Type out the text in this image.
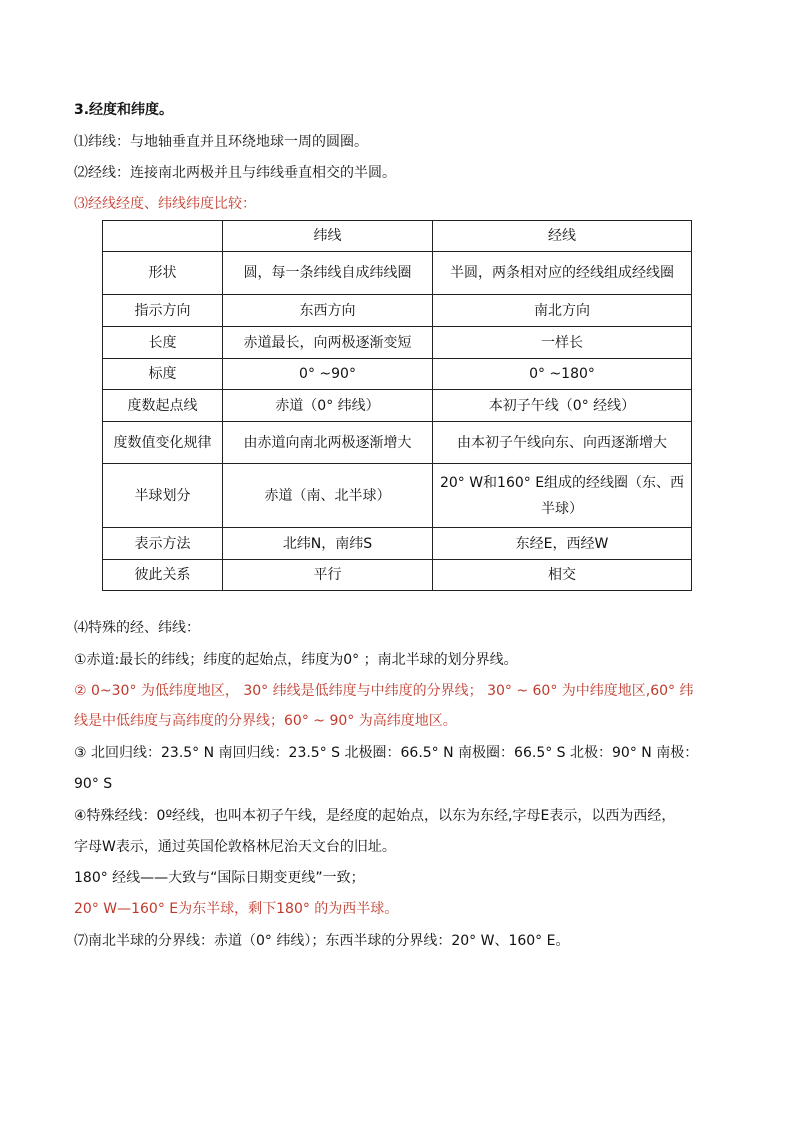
3.经度和纬度。
⑴纬线：与地轴垂直并且环绕地球一周的圆圈。
⑵经线：连接南北两极并且与纬线垂直相交的半圆。
⑶经线经度、纬线纬度比较：
	纬线	经线
形状	圆，每一条纬线自成纬线圈	半圆，两条相对应的经线组成经线圈
指示方向	东西方向	南北方向
长度	赤道最长，向两极逐渐变短	一样长
标度	0° ~90°	0° ~180°
度数起点线	赤道（0° 纬线）	本初子午线（0° 经线）
度数值变化规律	由赤道向南北两极逐渐增大	由本初子午线向东、向西逐渐增大
半球划分	赤道（南、北半球）	20° W和160° E组成的经线圈（东、西半球）
表示方法	北纬N，南纬S	东经E，西经W
彼此关系	平行	相交
⑷特殊的经、纬线：
①赤道:最长的纬线；纬度的起始点，纬度为0° ；南北半球的划分界线。
② 0~30° 为低纬度地区， 30° 纬线是低纬度与中纬度的分界线； 30° ~ 60° 为中纬度地区,60° 纬
线是中低纬度与高纬度的分界线；60° ~ 90° 为高纬度地区。
③ 北回归线：23.5° N 南回归线：23.5° S 北极圈：66.5° N 南极圈：66.5° S 北极：90° N 南极：
90° S
④特殊经线：0º经线，也叫本初子午线，是经度的起始点，以东为东经,字母E表示，以西为西经，
字母W表示，通过英国伦敦格林尼治天文台的旧址。
180° 经线——大致与“国际日期变更线”一致；
20° W—160° E为东半球，剩下180° 的为西半球。
⑺南北半球的分界线：赤道（0° 纬线）；东西半球的分界线：20° W、160° E。
